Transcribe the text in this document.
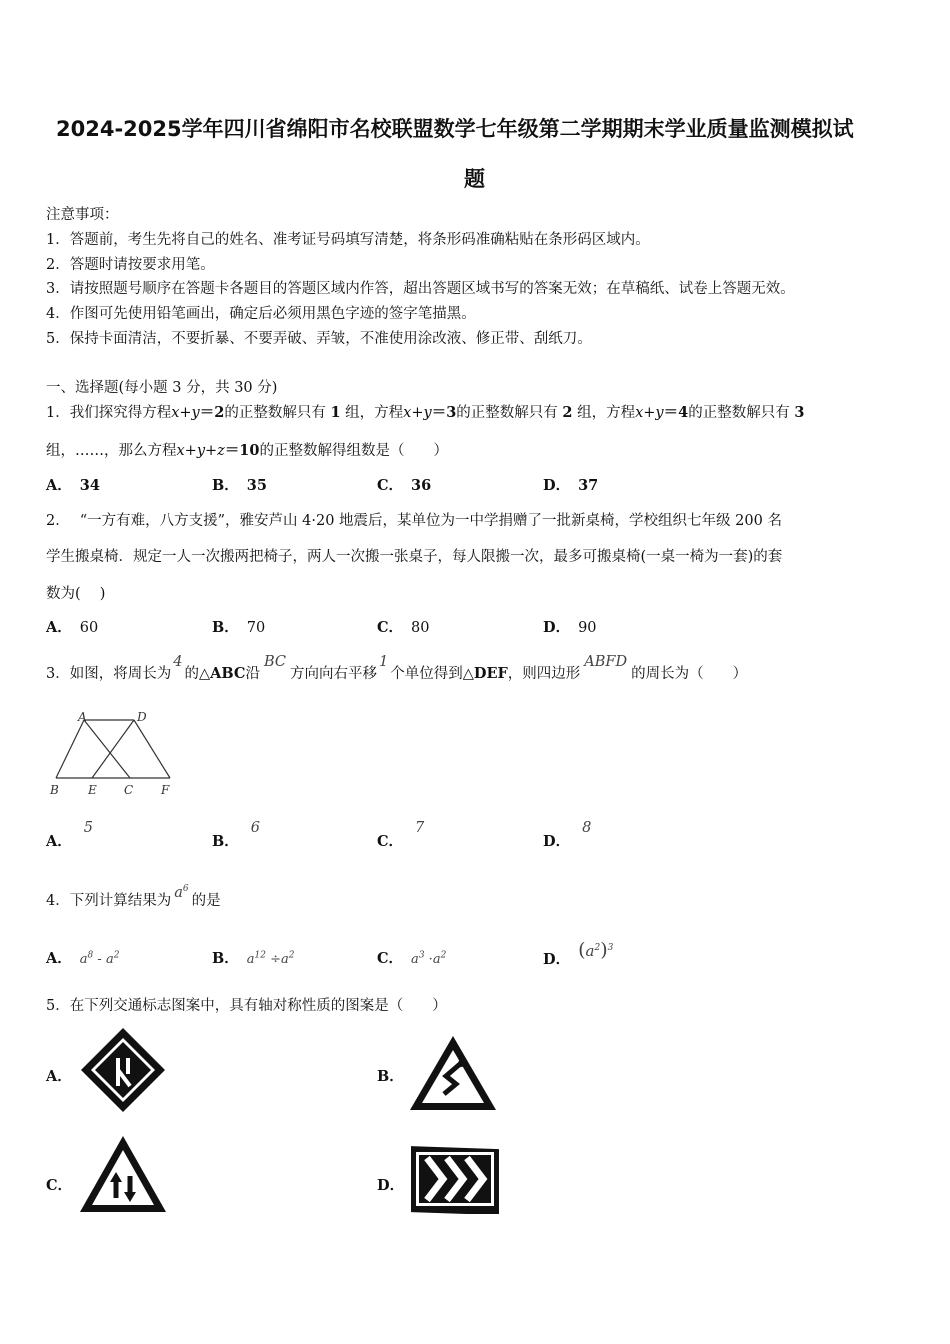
2024-2025学年四川省绵阳市名校联盟数学七年级第二学期期末学业质量监测模拟试
题
注意事项：
1．答题前，考生先将自己的姓名、准考证号码填写清楚，将条形码准确粘贴在条形码区域内。
2．答题时请按要求用笔。
3．请按照题号顺序在答题卡各题目的答题区域内作答，超出答题区域书写的答案无效；在草稿纸、试卷上答题无效。
4．作图可先使用铅笔画出，确定后必须用黑色字迹的签字笔描黑。
5．保持卡面清洁，不要折暴、不要弄破、弄皱，不准使用涂改液、修正带、刮纸刀。
一、选择题(每小题 3 分，共 30 分)
1．我们探究得方程x+y＝2的正整数解只有 1 组，方程x+y＝3的正整数解只有 2 组，方程x+y＝4的正整数解只有 3
组，……，那么方程x+y+z＝10的正整数解得组数是（　　）
A． 34	B． 35	C． 36	D． 37
2． “一方有难，八方支援”，雅安芦山 4·20 地震后，某单位为一中学捐赠了一批新桌椅，学校组织七年级 200 名
学生搬桌椅．规定一人一次搬两把椅子，两人一次搬一张桌子，每人限搬一次，最多可搬桌椅(一桌一椅为一套)的套
数为(　 )
A． 60	B． 70	C． 80	D． 90
3．如图，将周长为4的△ABC沿BC方向向右平移1个单位得到△DEF，则四边形ABFD的周长为（　　）
A	D
B E C F
A．5
B．6
C．7
D．8
4．下列计算结果为 $a^6$的是
A． $a^8 - a^2$	B． $a^{12} \div a^2$	C． $a^3 \cdot a^2$	D． $(a^2)^3$
5．在下列交通标志图案中，具有轴对称性质的图案是（　　）
A．	B．
C．	D．
